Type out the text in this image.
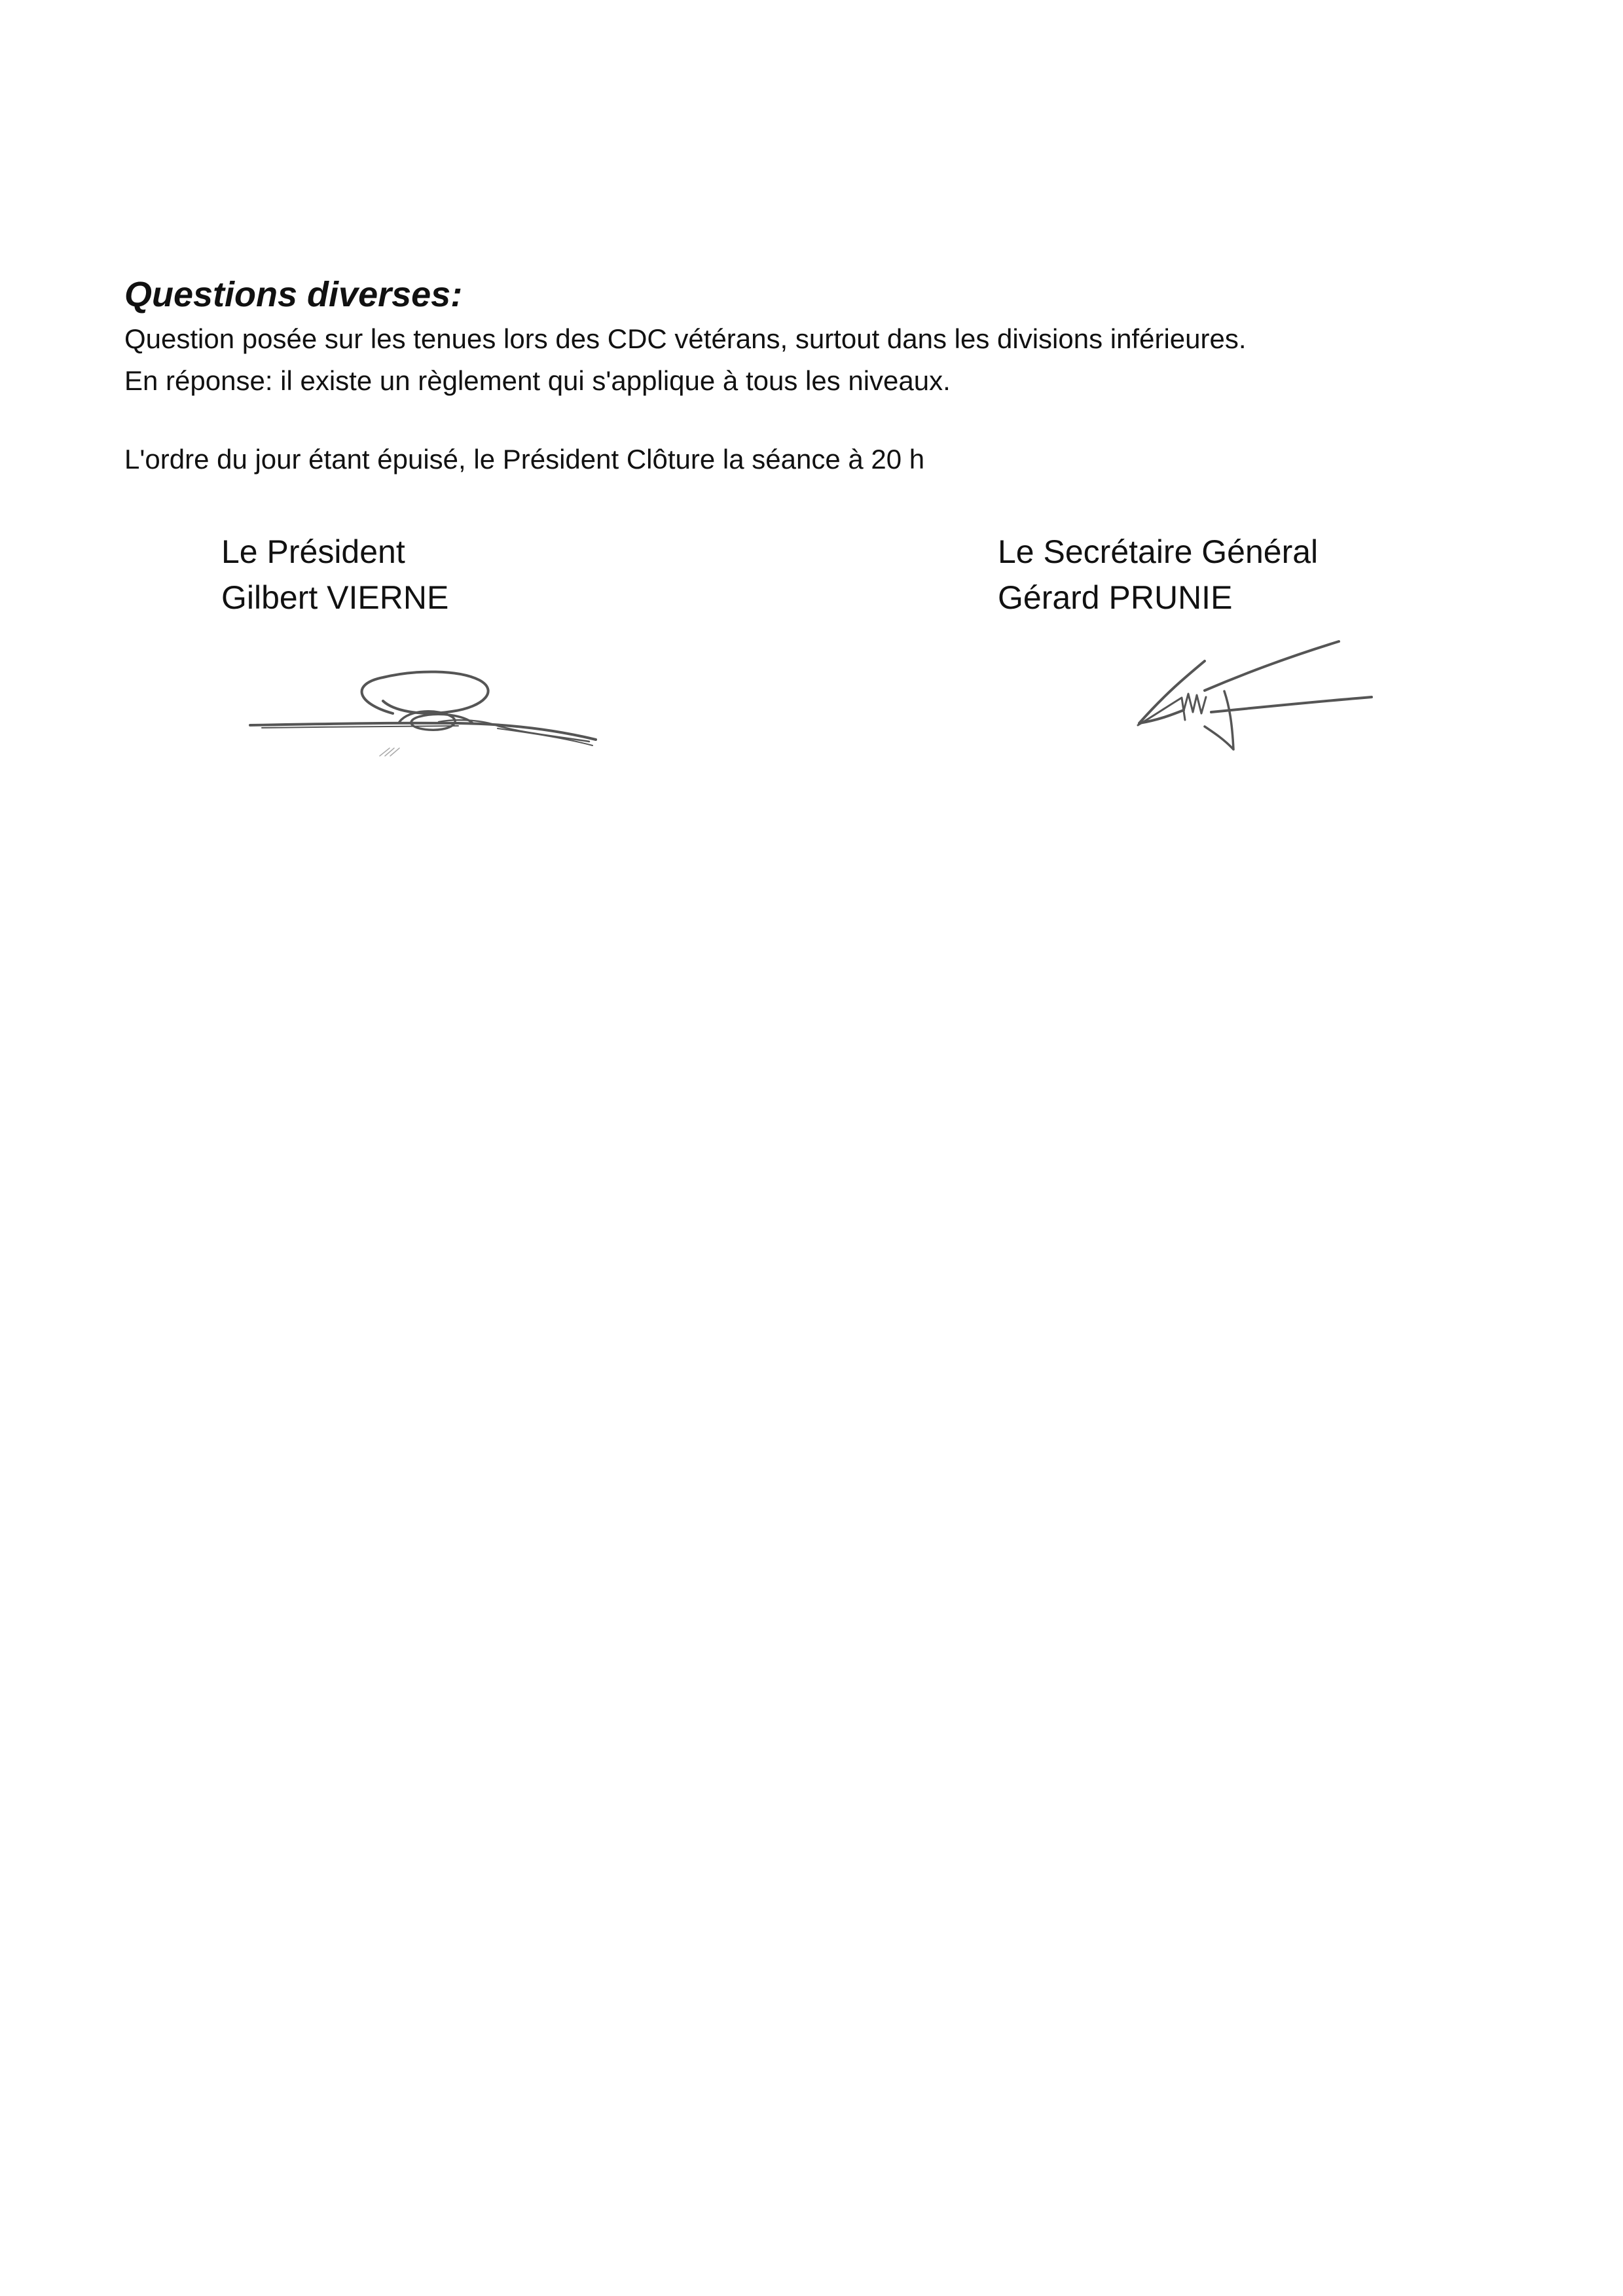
Questions diverses:

Question posée sur les tenues lors des CDC vétérans, surtout dans les divisions inférieures.

En réponse: il existe un règlement qui s'applique à tous les niveaux.

L'ordre du jour étant épuisé, le Président Clôture la séance à 20 h

Le Président
Gilbert VIERNE
Le Secrétaire Général
Gérard PRUNIE
